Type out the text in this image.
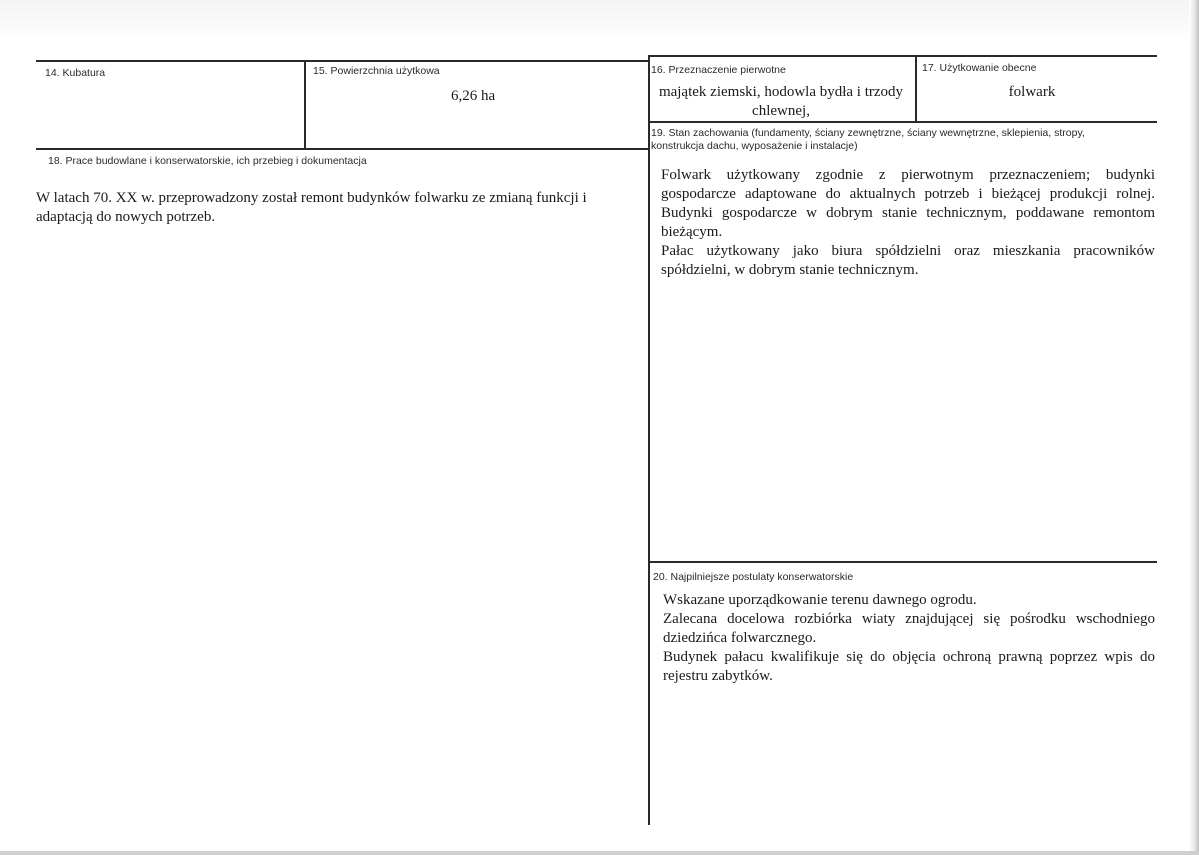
14. Kubatura	15. Powierzchnia użytkowa
6,26 ha
16. Przeznaczenie pierwotne
majątek ziemski, hodowla bydła i trzody chlewnej,
17. Użytkowanie obecne
folwark
18. Prace budowlane i konserwatorskie, ich przebieg i dokumentacja

W latach 70. XX w. przeprowadzony został remont budynków folwarku ze zmianą funkcji i adaptacją do nowych potrzeb.

19. Stan zachowania (fundamenty, ściany zewnętrzne, ściany wewnętrzne, sklepienia, stropy, konstrukcja dachu, wyposażenie i instalacje)

Folwark użytkowany zgodnie z pierwotnym przeznaczeniem; budynki gospodarcze adaptowane do aktualnych potrzeb i bieżącej produkcji rolnej. Budynki gospodarcze w dobrym stanie technicznym, poddawane remontom bieżącym.

Pałac użytkowany jako biura spółdzielni oraz mieszkania pracowników spółdzielni, w dobrym stanie technicznym.

20. Najpilniejsze postulaty konserwatorskie

Wskazane uporządkowanie terenu dawnego ogrodu.

Zalecana docelowa rozbiórka wiaty znajdującej się pośrodku wschodniego dziedzińca folwarcznego.

Budynek pałacu kwalifikuje się do objęcia ochroną prawną poprzez wpis do rejestru zabytków.
